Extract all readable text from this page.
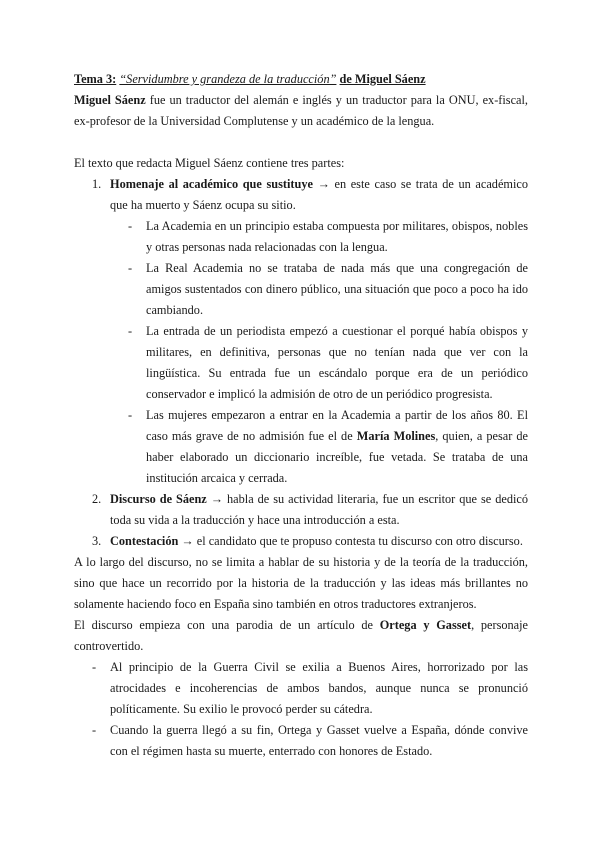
Tema 3: “Servidumbre y grandeza de la traducción” de Miguel Sáenz

Miguel Sáenz fue un traductor del alemán e inglés y un traductor para la ONU, ex-fiscal, ex-profesor de la Universidad Complutense y un académico de la lengua.

El texto que redacta Miguel Sáenz contiene tres partes:

1. Homenaje al académico que sustituye → en este caso se trata de un académico que ha muerto y Sáenz ocupa su sitio.
- La Academia en un principio estaba compuesta por militares, obispos, nobles y otras personas nada relacionadas con la lengua.
- La Real Academia no se trataba de nada más que una congregación de amigos sustentados con dinero público, una situación que poco a poco ha ido cambiando.
- La entrada de un periodista empezó a cuestionar el porqué había obispos y militares, en definitiva, personas que no tenían nada que ver con la lingüística. Su entrada fue un escándalo porque era de un periódico conservador e implicó la admisión de otro de un periódico progresista.
- Las mujeres empezaron a entrar en la Academia a partir de los años 80. El caso más grave de no admisión fue el de María Molines, quien, a pesar de haber elaborado un diccionario increíble, fue vetada. Se trataba de una institución arcaica y cerrada.
2. Discurso de Sáenz → habla de su actividad literaria, fue un escritor que se dedicó toda su vida a la traducción y hace una introducción a esta.
3. Contestación → el candidato que te propuso contesta tu discurso con otro discurso.

A lo largo del discurso, no se limita a hablar de su historia y de la teoría de la traducción, sino que hace un recorrido por la historia de la traducción y las ideas más brillantes no solamente haciendo foco en España sino también en otros traductores extranjeros.

El discurso empieza con una parodia de un artículo de Ortega y Gasset, personaje controvertido.

- Al principio de la Guerra Civil se exilia a Buenos Aires, horrorizado por las atrocidades e incoherencias de ambos bandos, aunque nunca se pronunció políticamente. Su exilio le provocó perder su cátedra.
- Cuando la guerra llegó a su fin, Ortega y Gasset vuelve a España, dónde convive con el régimen hasta su muerte, enterrado con honores de Estado.
